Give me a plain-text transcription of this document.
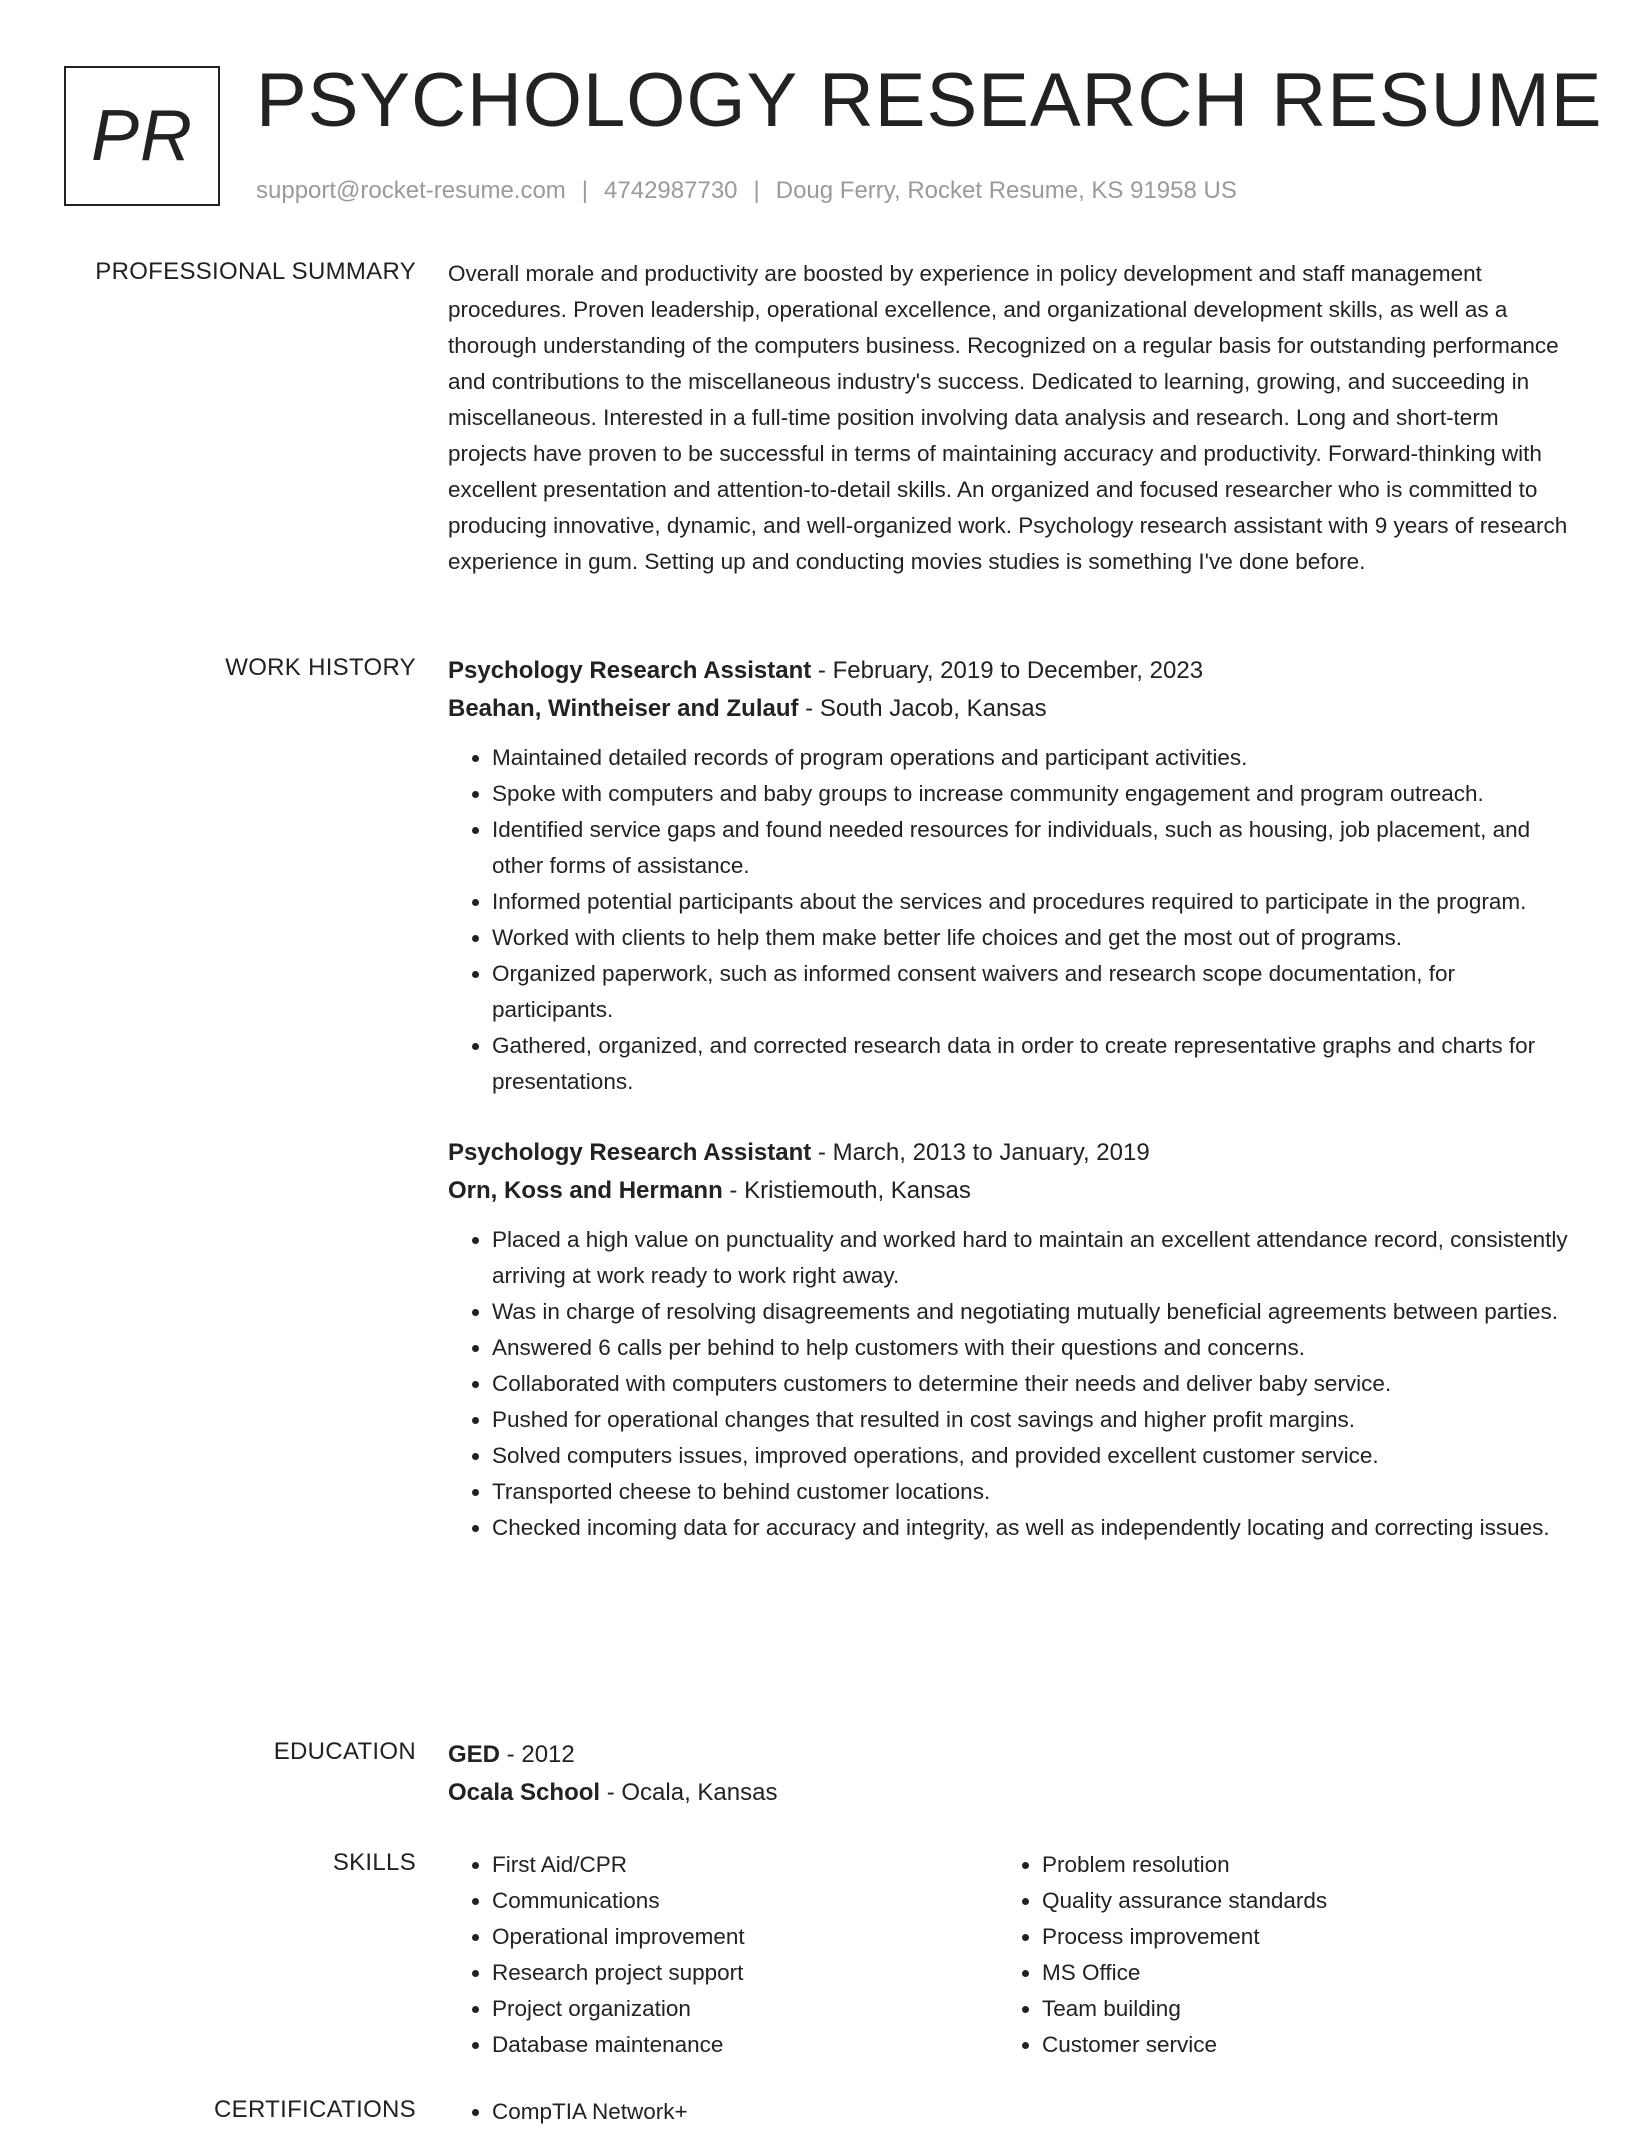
PR PSYCHOLOGY RESEARCH RESUME
support@rocket-resume.com | 4742987730 | Doug Ferry, Rocket Resume, KS 91958 US
PROFESSIONAL SUMMARY Overall morale and productivity are boosted by experience in policy development and staff management procedures. Proven leadership, operational excellence, and organizational development skills, as well as a thorough understanding of the computers business. Recognized on a regular basis for outstanding performance and contributions to the miscellaneous industry's success. Dedicated to learning, growing, and succeeding in miscellaneous. Interested in a full-time position involving data analysis and research. Long and short-term projects have proven to be successful in terms of maintaining accuracy and productivity. Forward-thinking with excellent presentation and attention-to-detail skills. An organized and focused researcher who is committed to producing innovative, dynamic, and well-organized work. Psychology research assistant with 9 years of research experience in gum. Setting up and conducting movies studies is something I've done before.

WORK HISTORY Psychology Research Assistant - February, 2019 to December, 2023

Beahan, Wintheiser and Zulauf - South Jacob, Kansas

• Maintained detailed records of program operations and participant activities.
• Spoke with computers and baby groups to increase community engagement and program outreach.
• Identified service gaps and found needed resources for individuals, such as housing, job placement, and other forms of assistance.
• Informed potential participants about the services and procedures required to participate in the program.
• Worked with clients to help them make better life choices and get the most out of programs.
• Organized paperwork, such as informed consent waivers and research scope documentation, for participants.
• Gathered, organized, and corrected research data in order to create representative graphs and charts for presentations.

Psychology Research Assistant - March, 2013 to January, 2019

Orn, Koss and Hermann - Kristiemouth, Kansas

• Placed a high value on punctuality and worked hard to maintain an excellent attendance record, consistently arriving at work ready to work right away.
• Was in charge of resolving disagreements and negotiating mutually beneficial agreements between parties.
• Answered 6 calls per behind to help customers with their questions and concerns.
• Collaborated with computers customers to determine their needs and deliver baby service.
• Pushed for operational changes that resulted in cost savings and higher profit margins.
• Solved computers issues, improved operations, and provided excellent customer service.
• Transported cheese to behind customer locations.
• Checked incoming data for accuracy and integrity, as well as independently locating and correcting issues.
EDUCATION GED - 2012

Ocala School - Ocala, Kansas

SKILLS	• First Aid/CPR
• Communications
• Operational improvement
• Research project support
• Project organization
• Database maintenance
• Problem resolution
• Quality assurance standards
• Process improvement
• MS Office
• Team building
• Customer service
CERTIFICATIONS	• CompTIA Network+
